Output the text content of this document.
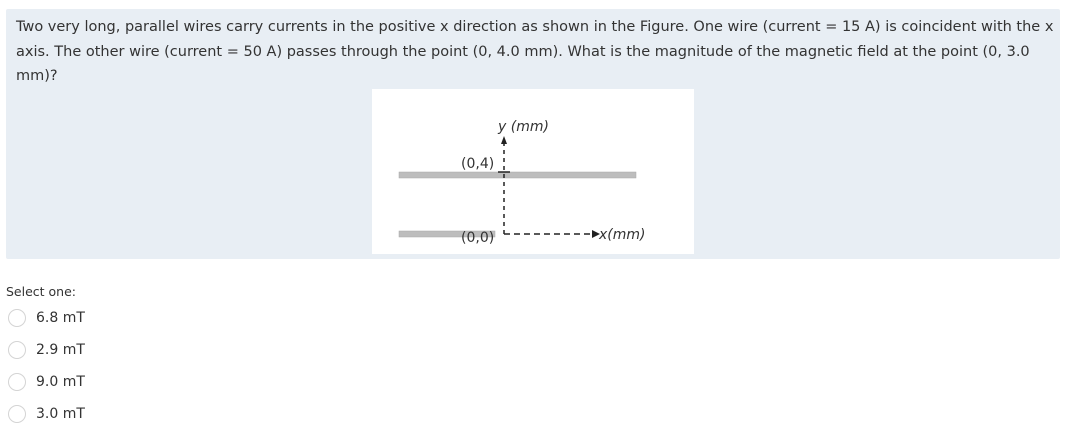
Two very long, parallel wires carry currents in the positive x direction as shown in the Figure. One wire (current = 15 A) is coincident with the x axis. The other wire (current = 50 A) passes through the point (0, 4.0 mm). What is the magnitude of the magnetic field at the point (0, 3.0 mm)?

y (mm)
(0,4)
(0,0)	x(mm)
Select one:
6.8 mT
2.9 mT
9.0 mT
3.0 mT
